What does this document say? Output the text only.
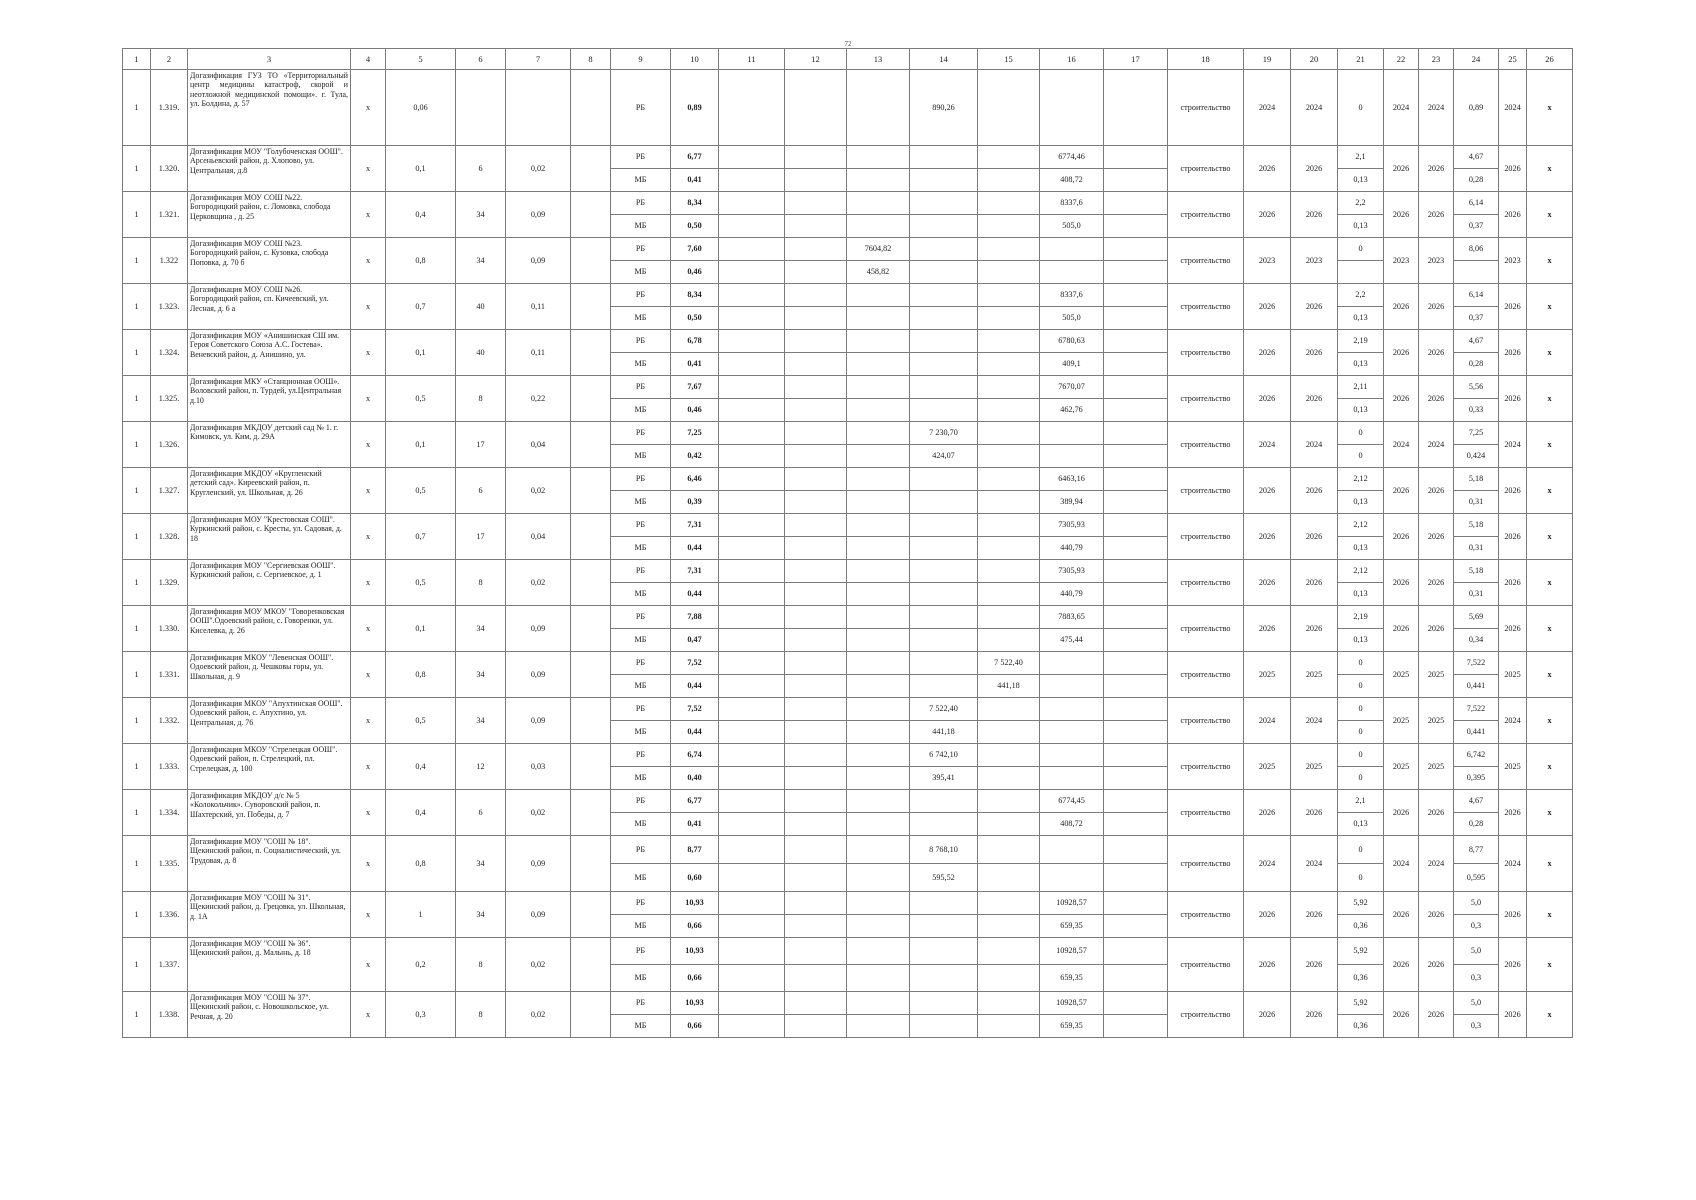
72
1	2	3	4	5	6	7	8	9	10	11	12	13	14	15	16	17	18	19	20	21	22	23	24	25	26
1	1.319.	Догазификация ГУЗ ТО «Территориальный центр медицины катастроф, скорой и неотложной медицинской помощи». г. Тула, ул. Болдина, д. 57	х	0,06				РБ	0,89				890,26				строительство	2024	2024	0	2024	2024	0,89	2024	х
1	1.320.	Догазификация МОУ "Голубоченская ООШ". Арсеньевский район, д. Хлопово, ул. Центральная, д.8	х	0,1	6	0,02		РБ	6,77						6774,46		строительство	2026	2026	2,1	2026	2026	4,67	2026	х
								МБ	0,41						408,72					0,13			0,28		
1	1.321.	Догазификация МОУ СОШ №22. Богородицкий район, с. Ломовка, слобода Церковщина , д. 25	х	0,4	34	0,09		РБ	8,34						8337,6		строительство	2026	2026	2,2	2026	2026	6,14	2026	х
								МБ	0,50						505,0					0,13			0,37		
1	1.322	Догазификация МОУ СОШ №23. Богородицкий район, с. Кузовка, слобода Поповка, д. 70 б	х	0,8	34	0,09		РБ	7,60			7604,82					строительство	2023	2023	0	2023	2023	8,06	2023	х
								МБ	0,46			458,82													
1	1.323.	Догазификация МОУ СОШ №26. Богородицкий район, сп. Кичеевский, ул. Лесная, д. 6 а	х	0,7	40	0,11		РБ	8,34						8337,6		строительство	2026	2026	2,2	2026	2026	6,14	2026	х
								МБ	0,50						505,0					0,13			0,37		
1	1.324.	Догазификация МОУ «Анишинская СШ им. Героя Советского Союза А.С. Гостева». Веневский район, д. Анишино, ул.	х	0,1	40	0,11		РБ	6,78						6780,63		строительство	2026	2026	2,19	2026	2026	4,67	2026	х
								МБ	0,41						409,1					0,13			0,28		
1	1.325.	Догазификация МКУ «Станционная ООШ». Воловский район, п. Турдей, ул.Центральная д.10	х	0,5	8	0,22		РБ	7,67						7670,07		строительство	2026	2026	2,11	2026	2026	5,56	2026	х
								МБ	0,46						462,76					0,13			0,33		
1	1.326.	Догазификация МКДОУ детский сад № 1. г. Кимовск, ул. Ким, д. 29А	х	0,1	17	0,04		РБ	7,25				7 230,70				строительство	2024	2024	0	2024	2024	7,25	2024	х
								МБ	0,42				424,07							0			0,424		
1	1.327.	Догазификация МКДОУ «Кругленский детский сад». Киреевский район, п. Кругленский, ул. Школьная, д. 26	х	0,5	6	0,02		РБ	6,46						6463,16		строительство	2026	2026	2,12	2026	2026	5,18	2026	х
								МБ	0,39						389,94					0,13			0,31		
1	1.328.	Догазификация МОУ "Крестовская СОШ". Куркинский район, с. Кресты, ул. Садовая, д. 18	х	0,7	17	0,04		РБ	7,31						7305,93		строительство	2026	2026	2,12	2026	2026	5,18	2026	х
								МБ	0,44						440,79					0,13			0,31		
1	1.329.	Догазификация МОУ "Сергиевская ООШ". Куркинский район, с. Сергиевское, д. 1	х	0,5	8	0,02		РБ	7,31						7305,93		строительство	2026	2026	2,12	2026	2026	5,18	2026	х
								МБ	0,44						440,79					0,13			0,31		
1	1.330.	Догазификация МОУ МКОУ "Говоренковская ООШ".Одоевский район, с. Говоренки, ул. Киселевка, д. 26	х	0,1	34	0,09		РБ	7,88						7883,65		строительство	2026	2026	2,19	2026	2026	5,69	2026	х
								МБ	0,47						475,44					0,13			0,34		
1	1.331.	Догазификация МКОУ "Левенская ООШ". Одоевский район, д. Чешковы горы, ул. Школьная, д. 9	х	0,8	34	0,09		РБ	7,52					7 522,40			строительство	2025	2025	0	2025	2025	7,522	2025	х
								МБ	0,44					441,18						0			0,441		
1	1.332.	Догазификация МКОУ "Апухтинская ООШ". Одоевский район, с. Апухтино, ул. Центральная, д. 76	х	0,5	34	0,09		РБ	7,52				7 522,40				строительство	2024	2024	0	2025	2025	7,522	2024	х
								МБ	0,44				441,18							0			0,441		
1	1.333.	Догазификация МКОУ "Стрелецкая ООШ". Одоевский район, п. Стрелецкий, пл. Стрелецкая, д. 100	х	0,4	12	0,03		РБ	6,74				6 742,10				строительство	2025	2025	0	2025	2025	6,742	2025	х
								МБ	0,40				395,41							0			0,395		
1	1.334.	Догазификация МКДОУ д/с № 5 «Колокольчик». Суворовский район, п. Шахтерский, ул. Победы, д. 7	х	0,4	6	0,02		РБ	6,77						6774,45		строительство	2026	2026	2,1	2026	2026	4,67	2026	х
								МБ	0,41						408,72					0,13			0,28		
1	1.335.	Догазификация МОУ "СОШ № 18". Щекинский район, п. Социалистический, ул. Трудовая, д. 8	х	0,8	34	0,09		РБ	8,77				8 768,10				строительство	2024	2024	0	2024	2024	8,77	2024	х
								МБ	0,60				595,52							0			0,595		
1	1.336.	Догазификация МОУ "СОШ № 31". Щекинский район, д. Грецовка, ул. Школьная, д. 1А	х	1	34	0,09		РБ	10,93						10928,57		строительство	2026	2026	5,92	2026	2026	5,0	2026	х
								МБ	0,66						659,35					0,36			0,3		
1	1.337.	Догазификация МОУ "СОШ № 36". Щекинский район, д. Малынь, д. 18	х	0,2	8	0,02		РБ	10,93						10928,57		строительство	2026	2026	5,92	2026	2026	5,0	2026	х
								МБ	0,66						659,35					0,36			0,3		
1	1.338.	Догазификация МОУ "СОШ № 37". Щекинский район, с. Новошкольское, ул. Речная, д. 20	х	0,3	8	0,02		РБ	10,93						10928,57		строительство	2026	2026	5,92	2026	2026	5,0	2026	х
								МБ	0,66						659,35					0,36			0,3		
